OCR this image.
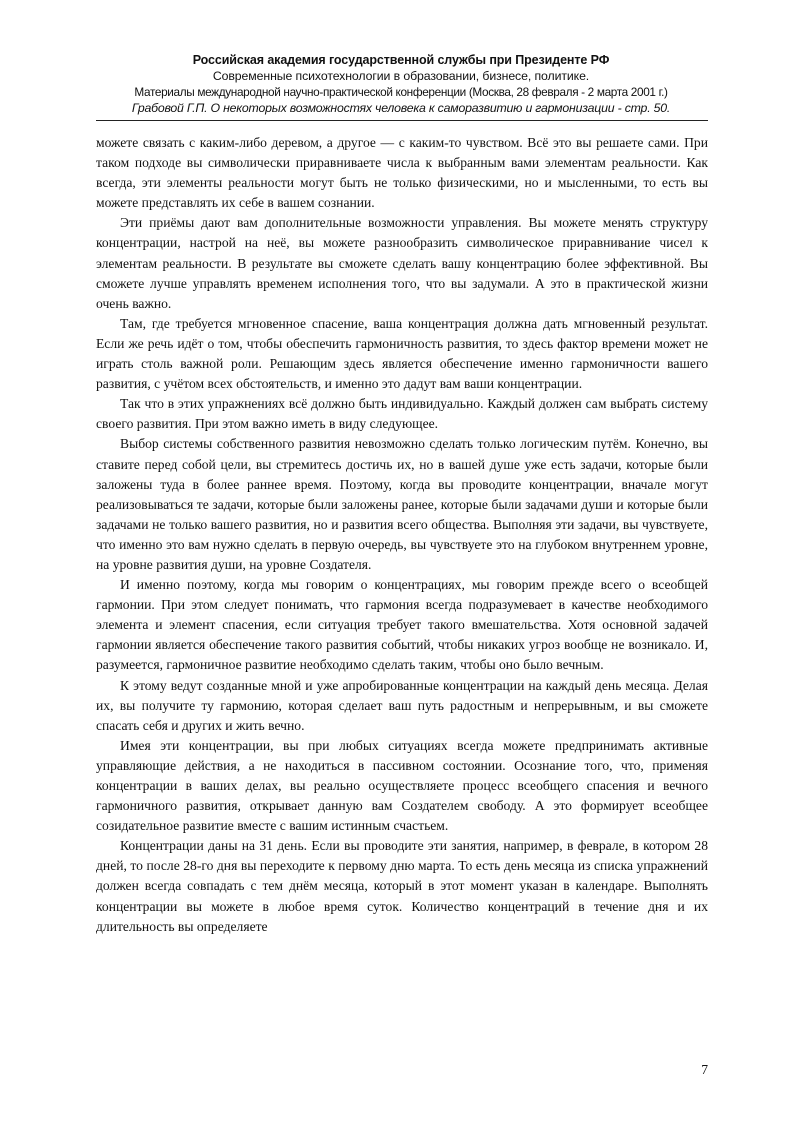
Российская академия государственной службы при Президенте РФ
Современные психотехнологии в образовании, бизнесе, политике.
Материалы международной научно-практической конференции (Москва, 28 февраля - 2 марта 2001 г.)
Грабовой Г.П. О некоторых возможностях человека к саморазвитию и гармонизации - стр. 50.

можете связать с каким-либо деревом, а другое — с каким-то чувством. Всё это вы решаете сами. При таком подходе вы символически приравниваете числа к выбранным вами элементам реальности. Как всегда, эти элементы реальности могут быть не только физическими, но и мысленными, то есть вы можете представлять их себе в вашем сознании.

Эти приёмы дают вам дополнительные возможности управления. Вы можете менять структуру концентрации, настрой на неё, вы можете разнообразить символическое приравнивание чисел к элементам реальности. В результате вы сможете сделать вашу концентрацию более эффективной. Вы сможете лучше управлять временем исполнения того, что вы задумали. А это в практической жизни очень важно.

Там, где требуется мгновенное спасение, ваша концентрация должна дать мгновенный результат. Если же речь идёт о том, чтобы обеспечить гармоничность развития, то здесь фактор времени может не играть столь важной роли. Решающим здесь является обеспечение именно гармоничности вашего развития, с учётом всех обстоятельств, и именно это дадут вам ваши концентрации.

Так что в этих упражнениях всё должно быть индивидуально. Каждый должен сам выбрать систему своего развития. При этом важно иметь в виду следующее.

Выбор системы собственного развития невозможно сделать только логическим путём. Конечно, вы ставите перед собой цели, вы стремитесь достичь их, но в вашей душе уже есть задачи, которые были заложены туда в более раннее время. Поэтому, когда вы проводите концентрации, вначале могут реализовываться те задачи, которые были заложены ранее, которые были задачами души и которые были задачами не только вашего развития, но и развития всего общества. Выполняя эти задачи, вы чувствуете, что именно это вам нужно сделать в первую очередь, вы чувствуете это на глубоком внутреннем уровне, на уровне развития души, на уровне Создателя.

И именно поэтому, когда мы говорим о концентрациях, мы говорим прежде всего о всеобщей гармонии. При этом следует понимать, что гармония всегда подразумевает в качестве необходимого элемента и элемент спасения, если ситуация требует такого вмешательства. Хотя основной задачей гармонии является обеспечение такого развития событий, чтобы никаких угроз вообще не возникало. И, разумеется, гармоничное развитие необходимо сделать таким, чтобы оно было вечным.

К этому ведут созданные мной и уже апробированные концентрации на каждый день месяца. Делая их, вы получите ту гармонию, которая сделает ваш путь радостным и непрерывным, и вы сможете спасать себя и других и жить вечно.

Имея эти концентрации, вы при любых ситуациях всегда можете предпринимать активные управляющие действия, а не находиться в пассивном состоянии. Осознание того, что, применяя концентрации в ваших делах, вы реально осуществляете процесс всеобщего спасения и вечного гармоничного развития, открывает данную вам Создателем свободу. А это формирует всеобщее созидательное развитие вместе с вашим истинным счастьем.

Концентрации даны на 31 день. Если вы проводите эти занятия, например, в феврале, в котором 28 дней, то после 28-го дня вы переходите к первому дню марта. То есть день месяца из списка упражнений должен всегда совпадать с тем днём месяца, который в этот момент указан в календаре. Выполнять концентрации вы можете в любое время суток. Количество концентраций в течение дня и их длительность вы определяете

7
